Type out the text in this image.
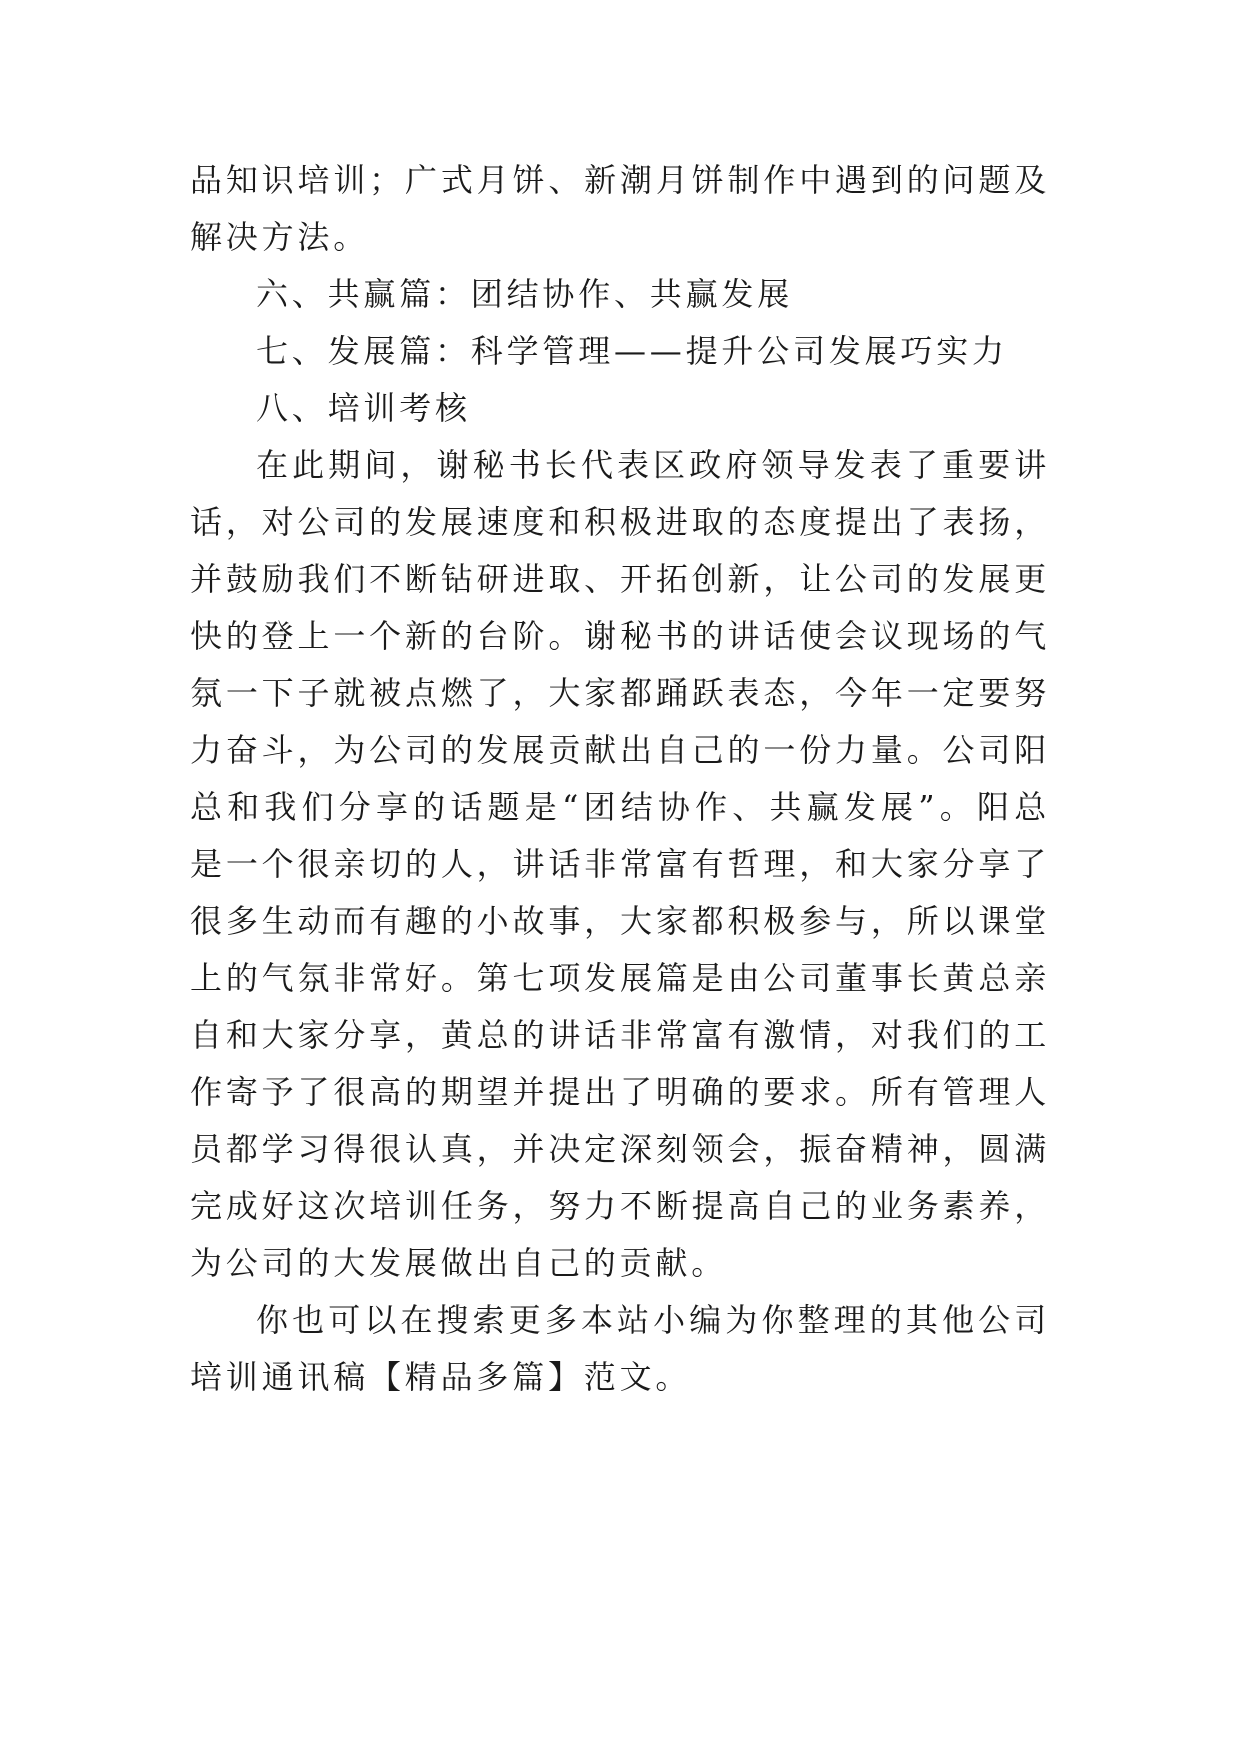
品知识培训；广式月饼、新潮月饼制作中遇到的问题及解决方法。

六、共赢篇：团结协作、共赢发展

七、发展篇：科学管理——提升公司发展巧实力

八、培训考核

在此期间，谢秘书长代表区政府领导发表了重要讲话，对公司的发展速度和积极进取的态度提出了表扬，并鼓励我们不断钻研进取、开拓创新，让公司的发展更快的登上一个新的台阶。谢秘书的讲话使会议现场的气氛一下子就被点燃了，大家都踊跃表态，今年一定要努力奋斗，为公司的发展贡献出自己的一份力量。公司阳总和我们分享的话题是“团结协作、共赢发展”。阳总是一个很亲切的人，讲话非常富有哲理，和大家分享了很多生动而有趣的小故事，大家都积极参与，所以课堂上的气氛非常好。第七项发展篇是由公司董事长黄总亲自和大家分享，黄总的讲话非常富有激情，对我们的工作寄予了很高的期望并提出了明确的要求。所有管理人员都学习得很认真，并决定深刻领会，振奋精神，圆满完成好这次培训任务，努力不断提高自己的业务素养，为公司的大发展做出自己的贡献。

你也可以在搜索更多本站小编为你整理的其他公司培训通讯稿【精品多篇】范文。
